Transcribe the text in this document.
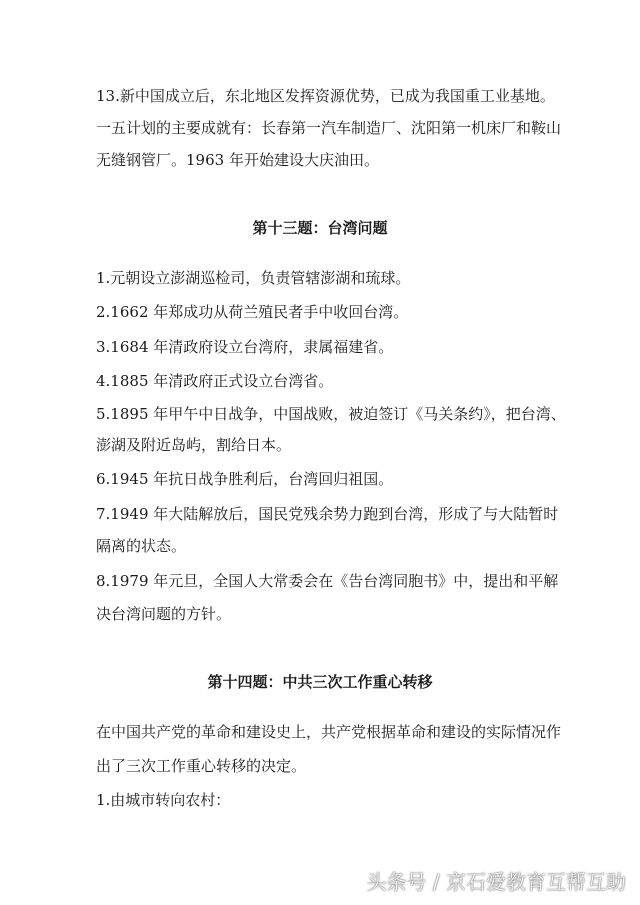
13.新中国成立后，东北地区发挥资源优势，已成为我国重工业基地。
一五计划的主要成就有：长春第一汽车制造厂、沈阳第一机床厂和鞍山
无缝钢管厂。1963 年开始建设大庆油田。
第十三题：台湾问题
1.元朝设立澎湖巡检司，负责管辖澎湖和琉球。
2.1662 年郑成功从荷兰殖民者手中收回台湾。
3.1684 年清政府设立台湾府，隶属福建省。
4.1885 年清政府正式设立台湾省。
5.1895 年甲午中日战争，中国战败，被迫签订《马关条约》，把台湾、
澎湖及附近岛屿，割给日本。
6.1945 年抗日战争胜利后，台湾回归祖国。
7.1949 年大陆解放后，国民党残余势力跑到台湾，形成了与大陆暂时
隔离的状态。
8.1979 年元旦，全国人大常委会在《告台湾同胞书》中，提出和平解
决台湾问题的方针。
第十四题：中共三次工作重心转移
在中国共产党的革命和建设史上，共产党根据革命和建设的实际情况作
出了三次工作重心转移的决定。
1.由城市转向农村：
头条号 / 京石爱教育互帮互助
